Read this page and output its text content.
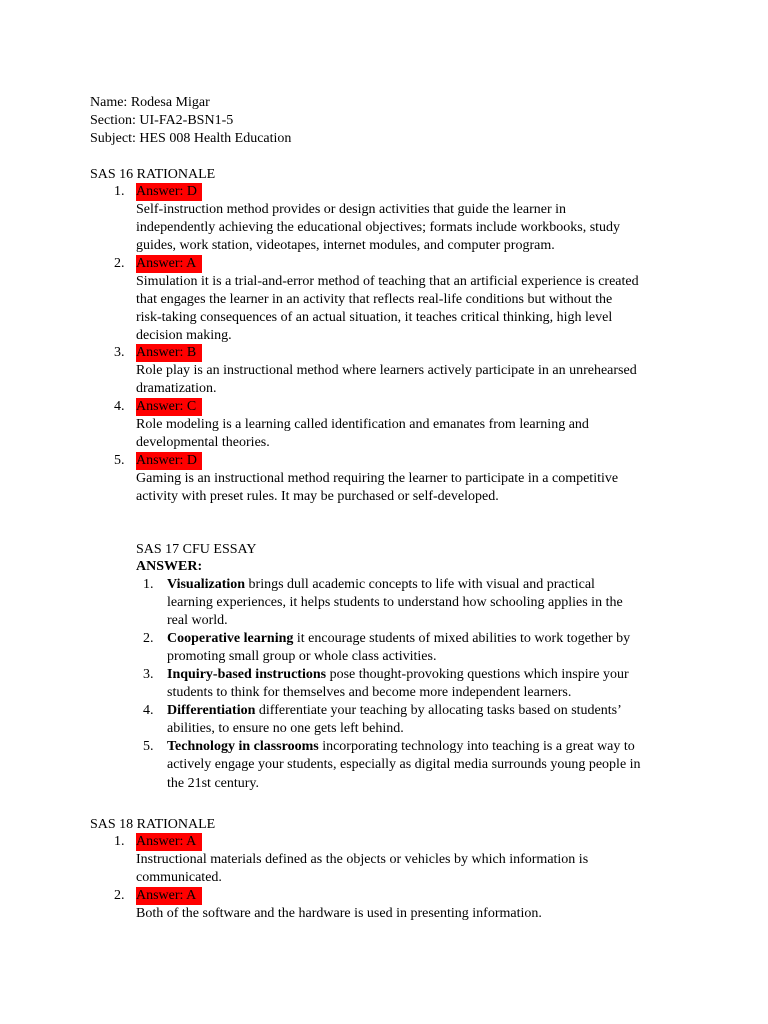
Name: Rodesa Migar
Section: UI-FA2-BSN1-5
Subject: HES 008 Health Education
SAS 16 RATIONALE
1. Answer: D
Self-instruction method provides or design activities that guide the learner in
independently achieving the educational objectives; formats include workbooks, study
guides, work station, videotapes, internet modules, and computer program.
2. Answer: A
Simulation it is a trial-and-error method of teaching that an artificial experience is created
that engages the learner in an activity that reflects real-life conditions but without the
risk-taking consequences of an actual situation, it teaches critical thinking, high level
decision making.
3. Answer: B
Role play is an instructional method where learners actively participate in an unrehearsed
dramatization.
4. Answer: C
Role modeling is a learning called identification and emanates from learning and
developmental theories.
5. Answer: D
Gaming is an instructional method requiring the learner to participate in a competitive
activity with preset rules. It may be purchased or self-developed.
SAS 17 CFU ESSAY
ANSWER:
1. Visualization brings dull academic concepts to life with visual and practical
learning experiences, it helps students to understand how schooling applies in the
real world.
2. Cooperative learning it encourage students of mixed abilities to work together by
promoting small group or whole class activities.
3. Inquiry-based instructions pose thought-provoking questions which inspire your
students to think for themselves and become more independent learners.
4. Differentiation differentiate your teaching by allocating tasks based on students’
abilities, to ensure no one gets left behind.
5. Technology in classrooms incorporating technology into teaching is a great way to
actively engage your students, especially as digital media surrounds young people in
the 21st century.
SAS 18 RATIONALE
1. Answer: A
Instructional materials defined as the objects or vehicles by which information is
communicated.
2. Answer: A
Both of the software and the hardware is used in presenting information.
